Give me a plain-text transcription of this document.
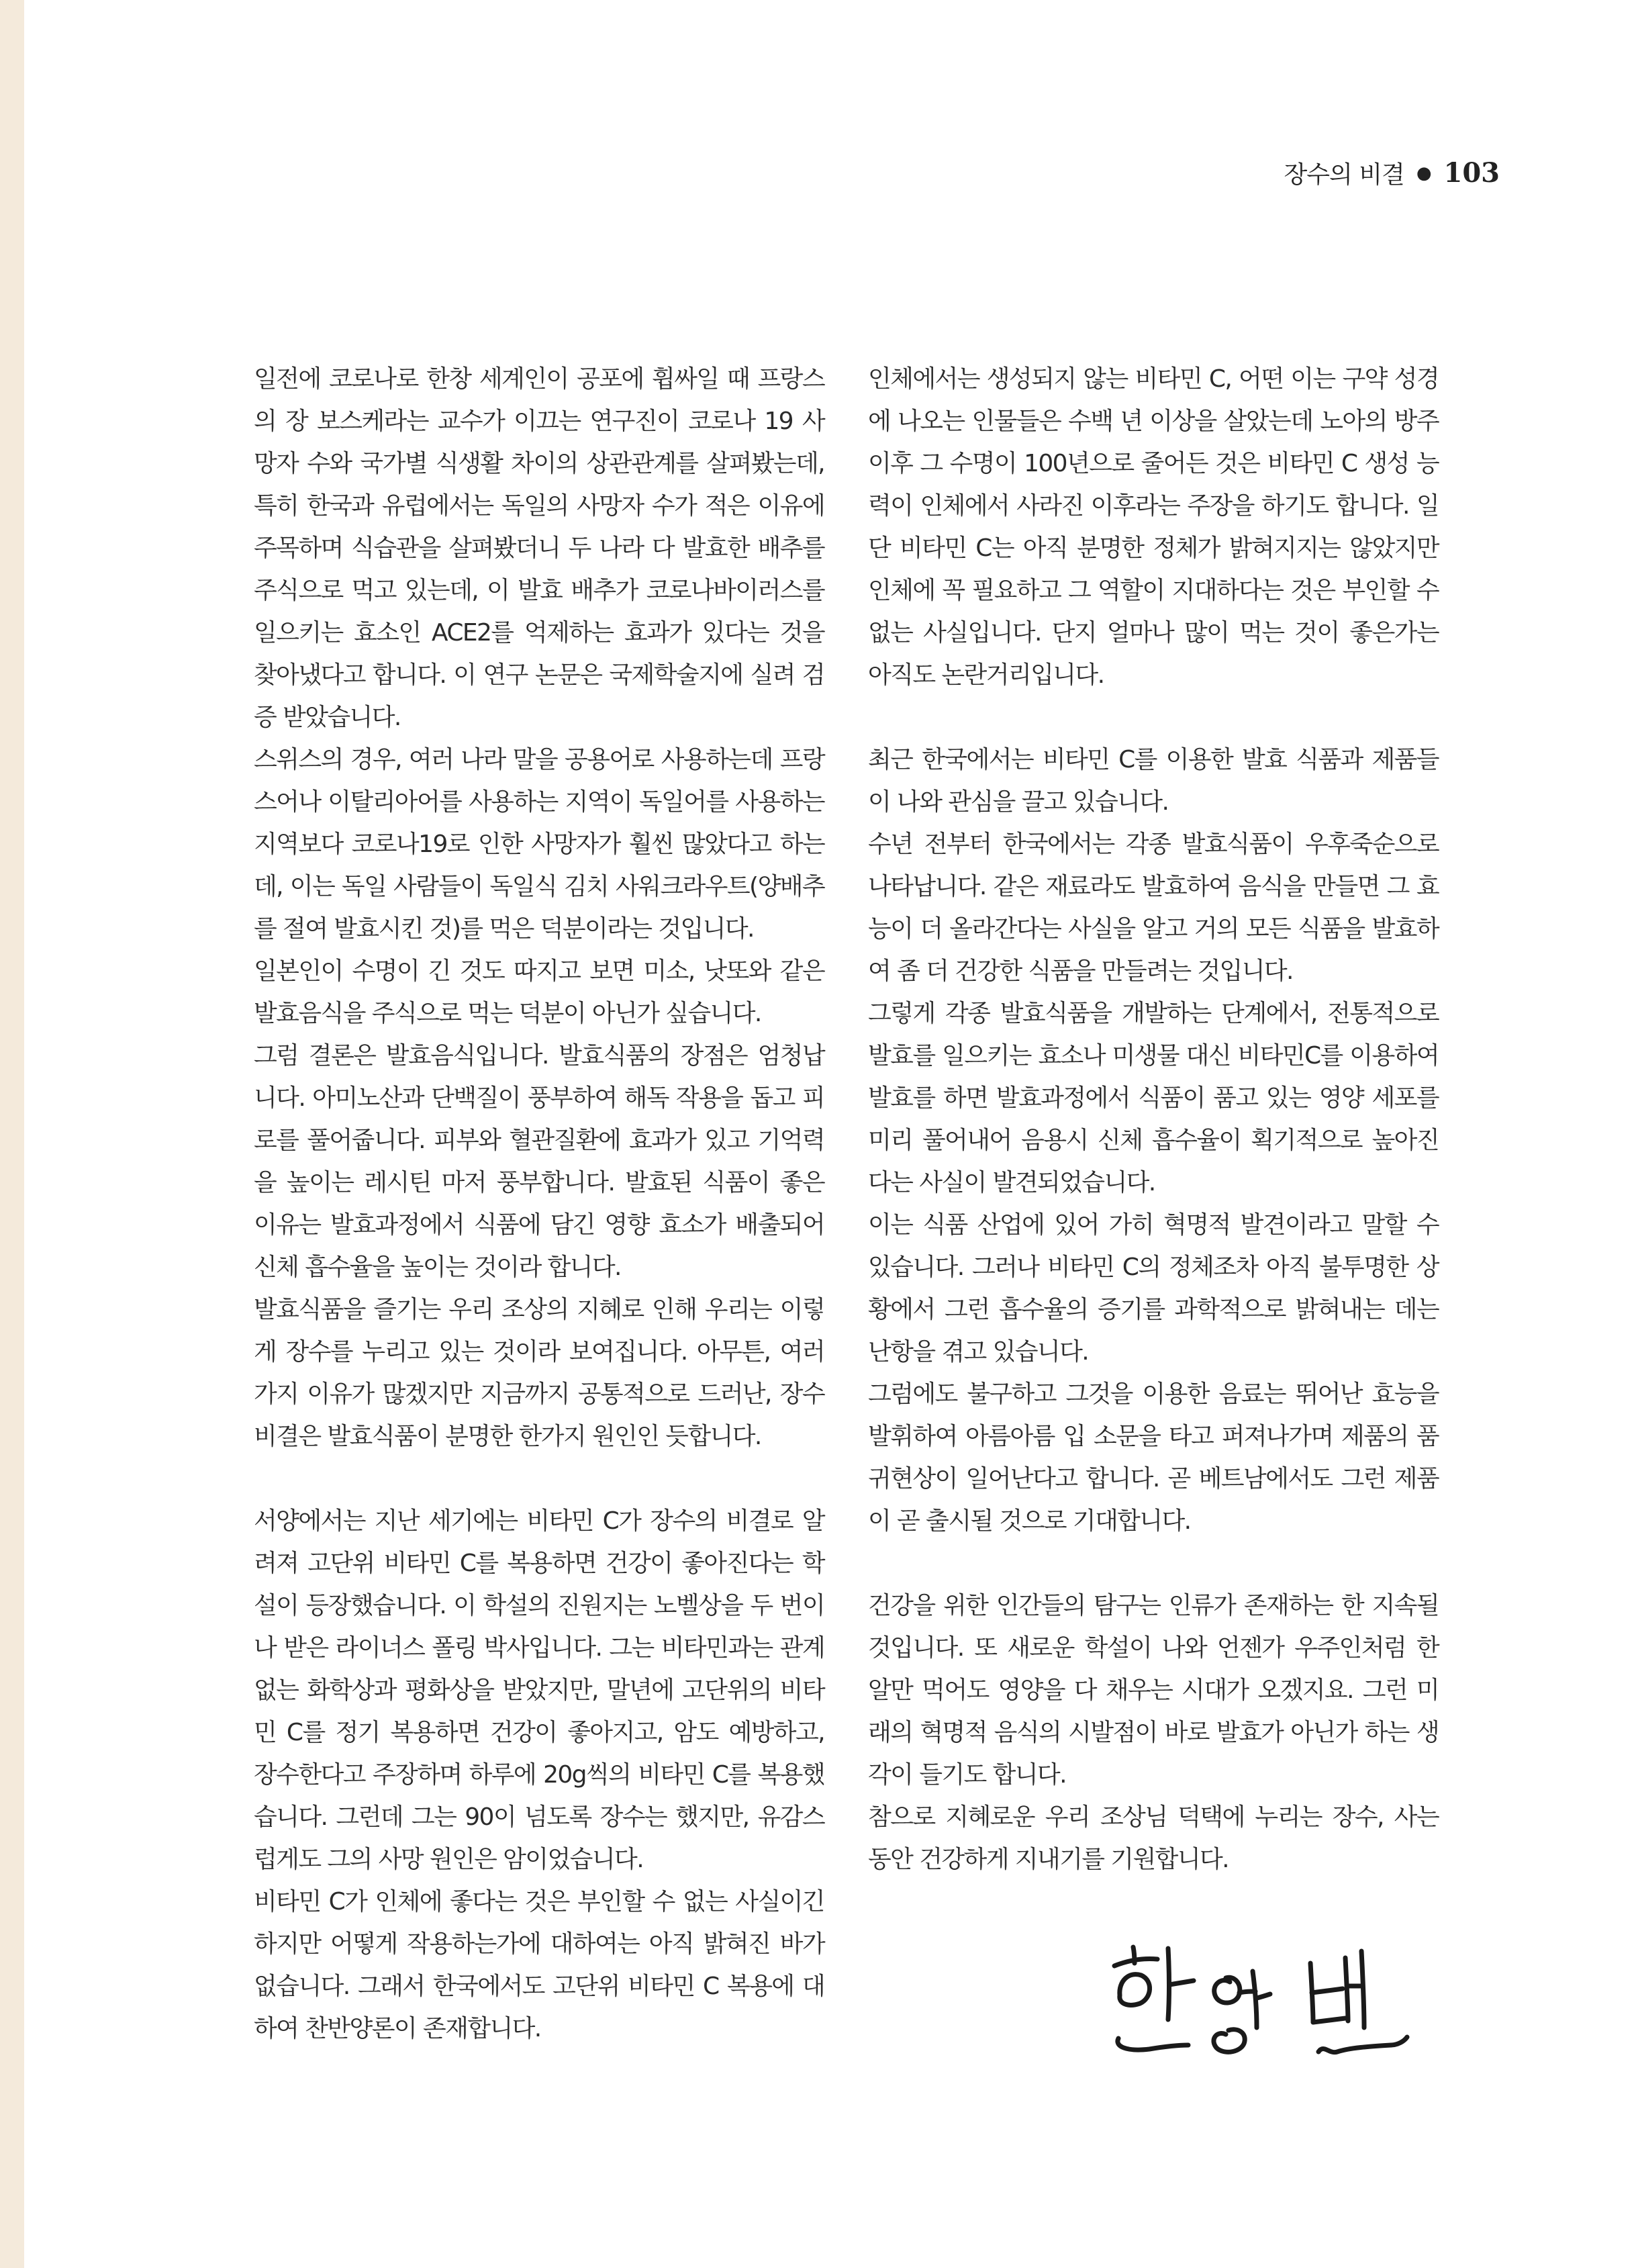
장수의 비결 ● 103

일전에 코로나로 한창 세계인이 공포에 휩싸일 때 프랑스의 장 보스케라는 교수가 이끄는 연구진이 코로나 19 사망자 수와 국가별 식생활 차이의 상관관계를 살펴봤는데, 특히 한국과 유럽에서는 독일의 사망자 수가 적은 이유에 주목하며 식습관을 살펴봤더니 두 나라 다 발효한 배추를 주식으로 먹고 있는데, 이 발효 배추가 코로나바이러스를 일으키는 효소인 ACE2를 억제하는 효과가 있다는 것을 찾아냈다고 합니다. 이 연구 논문은 국제학술지에 실려 검증 받았습니다.

스위스의 경우, 여러 나라 말을 공용어로 사용하는데 프랑스어나 이탈리아어를 사용하는 지역이 독일어를 사용하는 지역보다 코로나19로 인한 사망자가 훨씬 많았다고 하는데, 이는 독일 사람들이 독일식 김치 사워크라우트(양배추를 절여 발효시킨 것)를 먹은 덕분이라는 것입니다.

일본인이 수명이 긴 것도 따지고 보면 미소, 낫또와 같은 발효음식을 주식으로 먹는 덕분이 아닌가 싶습니다.

그럼 결론은 발효음식입니다. 발효식품의 장점은 엄청납니다. 아미노산과 단백질이 풍부하여 해독 작용을 돕고 피로를 풀어줍니다. 피부와 혈관질환에 효과가 있고 기억력을 높이는 레시틴 마저 풍부합니다. 발효된 식품이 좋은 이유는 발효과정에서 식품에 담긴 영향 효소가 배출되어 신체 흡수율을 높이는 것이라 합니다.

발효식품을 즐기는 우리 조상의 지혜로 인해 우리는 이렇게 장수를 누리고 있는 것이라 보여집니다. 아무튼, 여러 가지 이유가 많겠지만 지금까지 공통적으로 드러난, 장수 비결은 발효식품이 분명한 한가지 원인인 듯합니다.

서양에서는 지난 세기에는 비타민 C가 장수의 비결로 알려져 고단위 비타민 C를 복용하면 건강이 좋아진다는 학설이 등장했습니다. 이 학설의 진원지는 노벨상을 두 번이나 받은 라이너스 폴링 박사입니다. 그는 비타민과는 관계없는 화학상과 평화상을 받았지만, 말년에 고단위의 비타민 C를 정기 복용하면 건강이 좋아지고, 암도 예방하고, 장수한다고 주장하며 하루에 20g씩의 비타민 C를 복용했습니다. 그런데 그는 90이 넘도록 장수는 했지만, 유감스럽게도 그의 사망 원인은 암이었습니다.

비타민 C가 인체에 좋다는 것은 부인할 수 없는 사실이긴 하지만 어떻게 작용하는가에 대하여는 아직 밝혀진 바가 없습니다. 그래서 한국에서도 고단위 비타민 C 복용에 대하여 찬반양론이 존재합니다.

인체에서는 생성되지 않는 비타민 C, 어떤 이는 구약 성경에 나오는 인물들은 수백 년 이상을 살았는데 노아의 방주 이후 그 수명이 100년으로 줄어든 것은 비타민 C 생성 능력이 인체에서 사라진 이후라는 주장을 하기도 합니다. 일단 비타민 C는 아직 분명한 정체가 밝혀지지는 않았지만 인체에 꼭 필요하고 그 역할이 지대하다는 것은 부인할 수 없는 사실입니다. 단지 얼마나 많이 먹는 것이 좋은가는 아직도 논란거리입니다.

최근 한국에서는 비타민 C를 이용한 발효 식품과 제품들이 나와 관심을 끌고 있습니다.

수년 전부터 한국에서는 각종 발효식품이 우후죽순으로 나타납니다. 같은 재료라도 발효하여 음식을 만들면 그 효능이 더 올라간다는 사실을 알고 거의 모든 식품을 발효하여 좀 더 건강한 식품을 만들려는 것입니다.

그렇게 각종 발효식품을 개발하는 단계에서, 전통적으로 발효를 일으키는 효소나 미생물 대신 비타민C를 이용하여 발효를 하면 발효과정에서 식품이 품고 있는 영양 세포를 미리 풀어내어 음용시 신체 흡수율이 획기적으로 높아진다는 사실이 발견되었습니다.

이는 식품 산업에 있어 가히 혁명적 발견이라고 말할 수 있습니다. 그러나 비타민 C의 정체조차 아직 불투명한 상황에서 그런 흡수율의 증기를 과학적으로 밝혀내는 데는 난항을 겪고 있습니다.

그럼에도 불구하고 그것을 이용한 음료는 뛰어난 효능을 발휘하여 아름아름 입 소문을 타고 퍼져나가며 제품의 품귀현상이 일어난다고 합니다. 곧 베트남에서도 그런 제품이 곧 출시될 것으로 기대합니다.

건강을 위한 인간들의 탐구는 인류가 존재하는 한 지속될 것입니다. 또 새로운 학설이 나와 언젠가 우주인처럼 한 알만 먹어도 영양을 다 채우는 시대가 오겠지요. 그런 미래의 혁명적 음식의 시발점이 바로 발효가 아닌가 하는 생각이 들기도 합니다.

참으로 지혜로운 우리 조상님 덕택에 누리는 장수, 사는 동안 건강하게 지내기를 기원합니다.
